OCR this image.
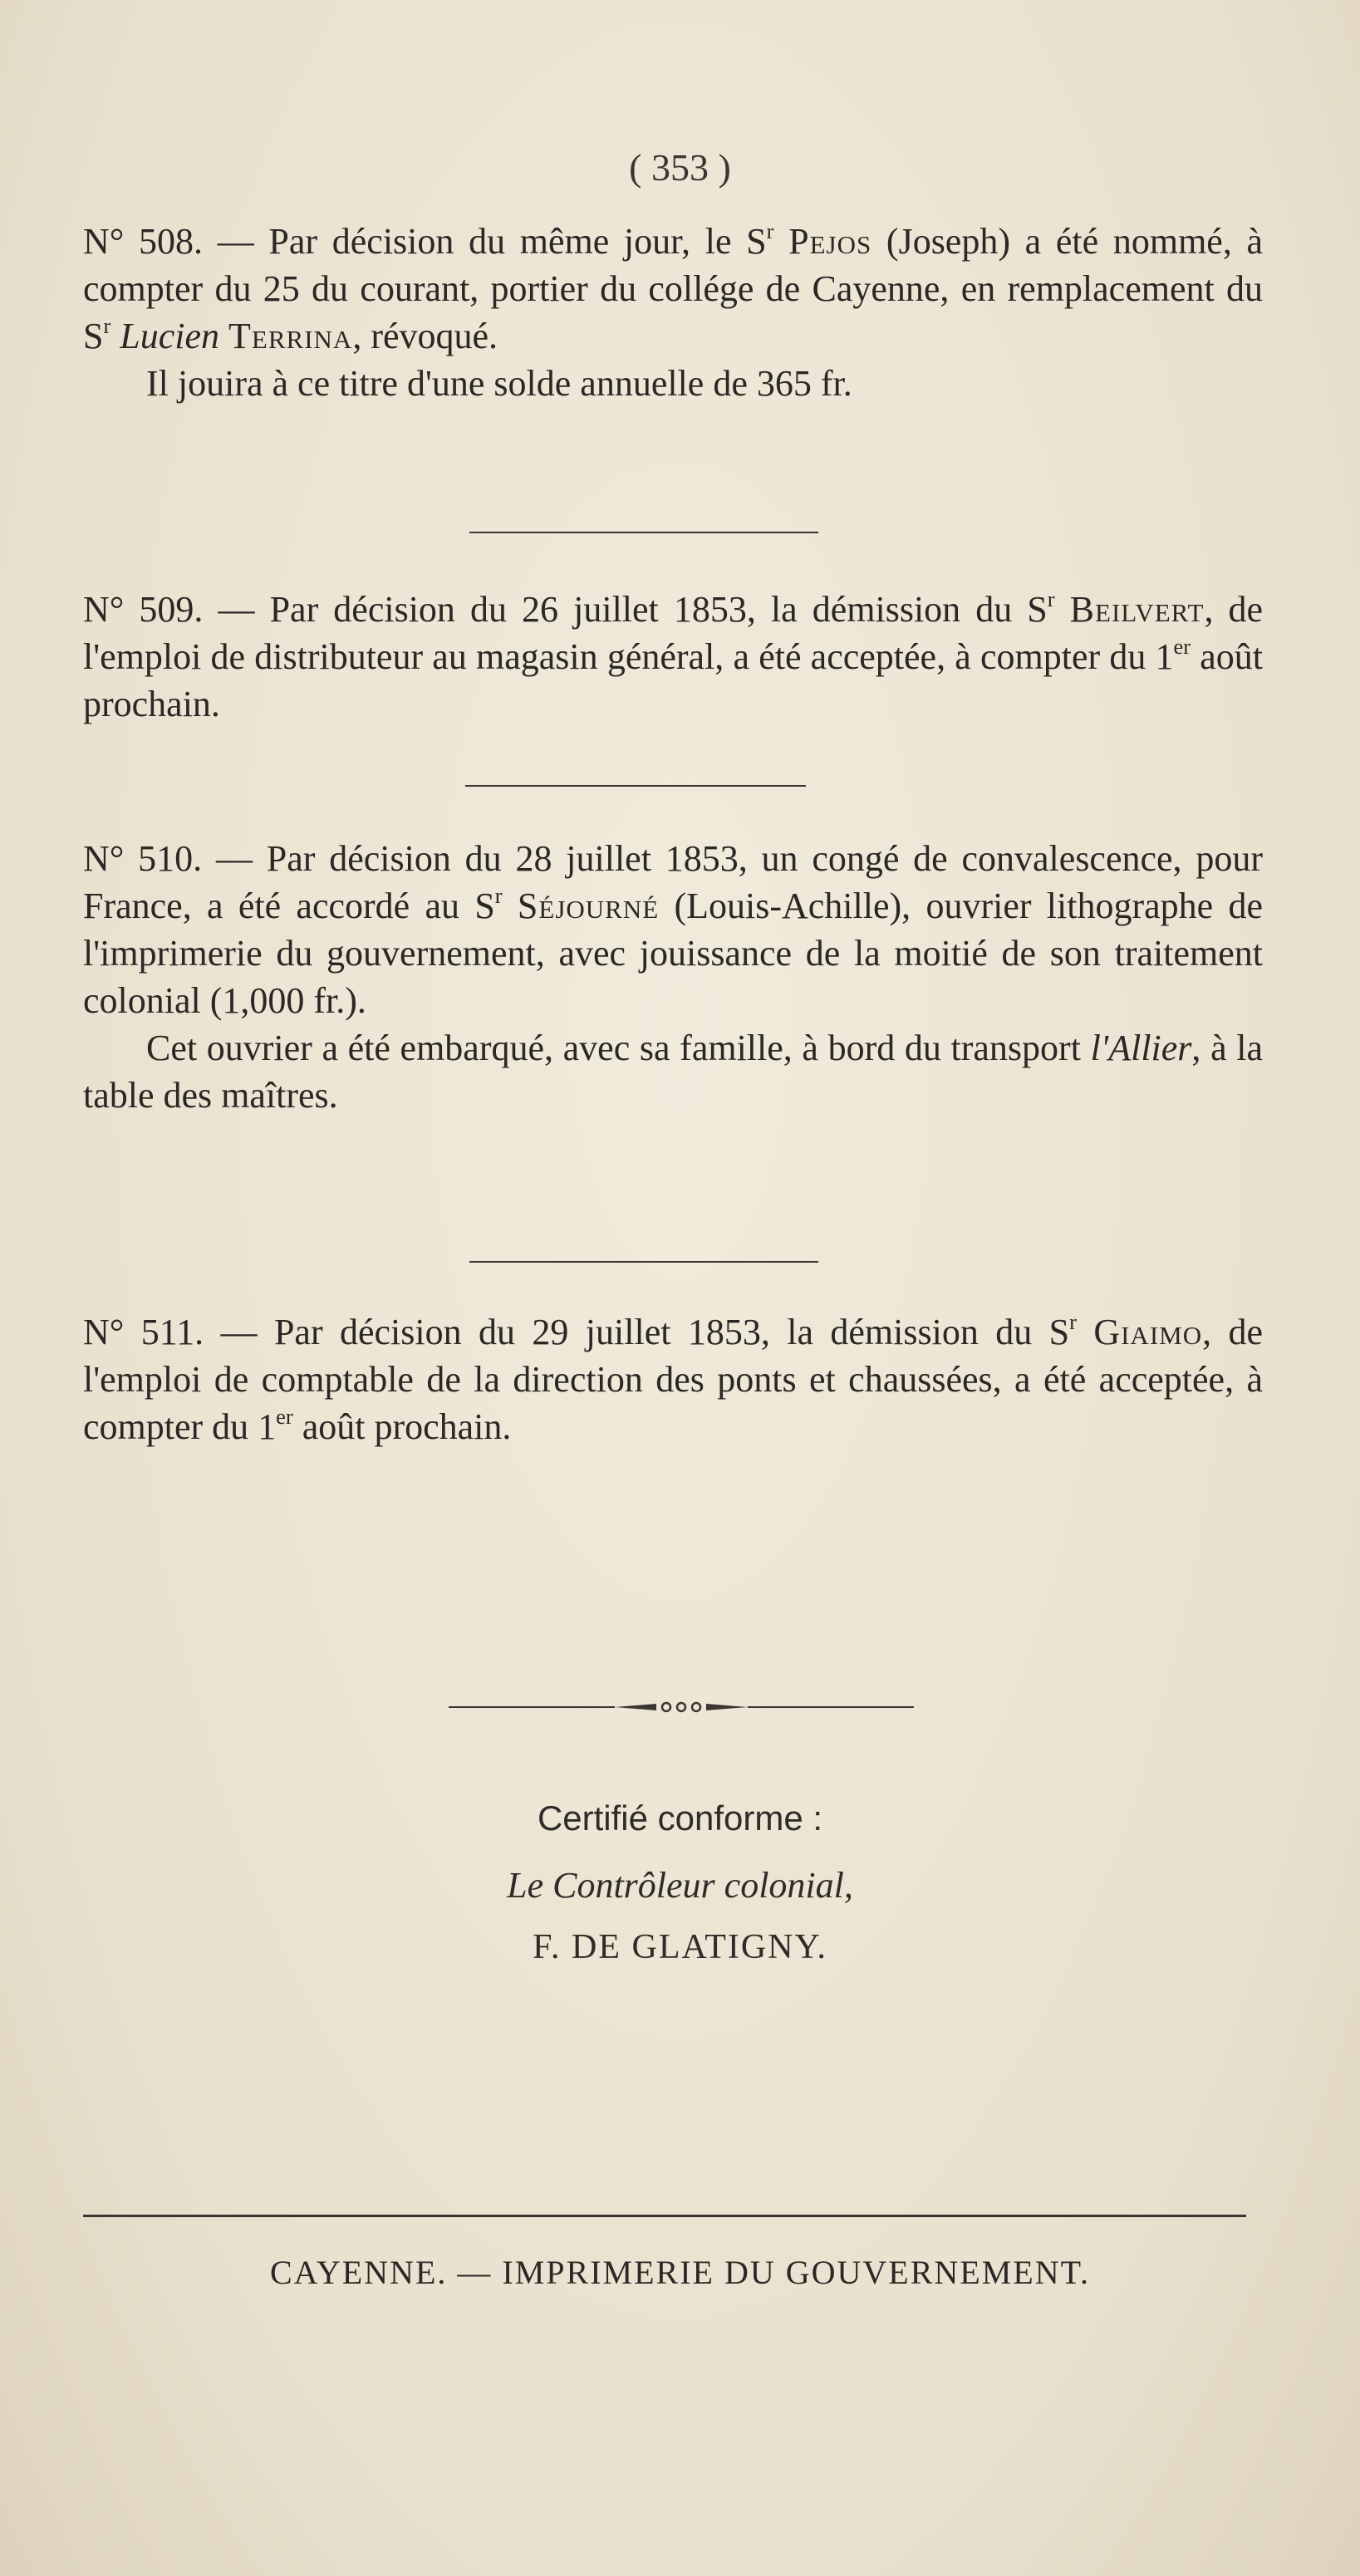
( 353 )

N° 508. — Par décision du même jour, le $S^r$ Pejos (Joseph) a été nommé, à compter du 25 du courant, portier du collége de Cayenne, en remplacement du $S^r$ Lucien Terrina, révoqué.

Il jouira à ce titre d'une solde annuelle de 365 fr.

N° 509. — Par décision du 26 juillet 1853, la démission du $S^r$ Beilvert, de l'emploi de distributeur au magasin général, a été acceptée, à compter du 1er août prochain.

N° 510. — Par décision du 28 juillet 1853, un congé de convalescence, pour France, a été accordé au $S^r$ Séjourné (Louis-Achille), ouvrier lithographe de l'imprimerie du gouvernement, avec jouissance de la moitié de son traitement colonial (1,000 fr.).

Cet ouvrier a été embarqué, avec sa famille, à bord du transport l'Allier, à la table des maîtres.

N° 511. — Par décision du 29 juillet 1853, la démission du $S^r$ Giaimo, de l'emploi de comptable de la direction des ponts et chaussées, a été acceptée, à compter du 1er août prochain.

Certifié conforme :
Le Contrôleur colonial,
F. DE GLATIGNY.
CAYENNE. — IMPRIMERIE DU GOUVERNEMENT.
